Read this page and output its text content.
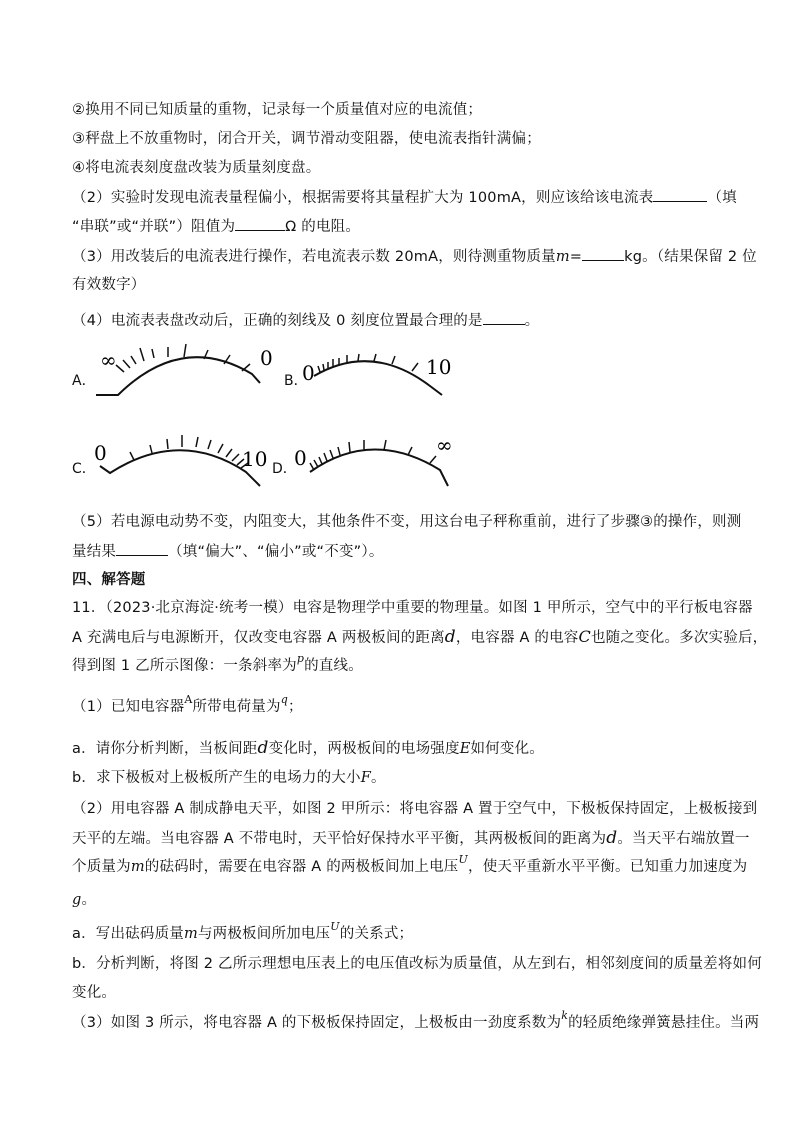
②换用不同已知质量的重物，记录每一个质量值对应的电流值；
③秤盘上不放重物时，闭合开关，调节滑动变阻器，使电流表指针满偏；
④将电流表刻度盘改装为质量刻度盘。
（2）实验时发现电流表量程偏小，根据需要将其量程扩大为 100mA，则应该给该电流表	（填
“串联”或“并联”）阻值为	Ω 的电阻。
（3）用改装后的电流表进行操作，若电流表示数 20mA，则待测重物质量m=	kg。（结果保留 2 位
有效数字）
（4）电流表表盘改动后，正确的刻线及 0 刻度位置最合理的是	。
A．
∞	0
B．
0	10
C．
0	10 D．
0
∞
（5）若电源电动势不变，内阻变大，其他条件不变，用这台电子秤称重前，进行了步骤③的操作，则测
量结果	（填“偏大”、“偏小”或“不变”）。
四、解答题
11．（2023·北京海淀·统考一模）电容是物理学中重要的物理量。如图 1 甲所示，空气中的平行板电容器
A 充满电后与电源断开，仅改变电容器 A 两极板间的距离d，电容器 A 的电容C也随之变化。多次实验后，
得到图 1 乙所示图像：一条斜率为$^p$的直线。
（1）已知电容器$^A$所带电荷量为$^q$；
a．请你分析判断，当板间距d变化时，两极板间的电场强度E如何变化。
b．求下极板对上极板所产生的电场力的大小F。
（2）用电容器 A 制成静电天平，如图 2 甲所示：将电容器 A 置于空气中，下极板保持固定，上极板接到
天平的左端。当电容器 A 不带电时，天平恰好保持水平平衡，其两极板间的距离为d。当天平右端放置一
个质量为m的砝码时，需要在电容器 A 的两极板间加上电压$^U$，使天平重新水平平衡。已知重力加速度为
g。
a．写出砝码质量m与两极板间所加电压$^U$的关系式；
b．分析判断，将图 2 乙所示理想电压表上的电压值改标为质量值，从左到右，相邻刻度间的质量差将如何
变化。
（3）如图 3 所示，将电容器 A 的下极板保持固定，上极板由一劲度系数为$^k$的轻质绝缘弹簧悬挂住。当两
